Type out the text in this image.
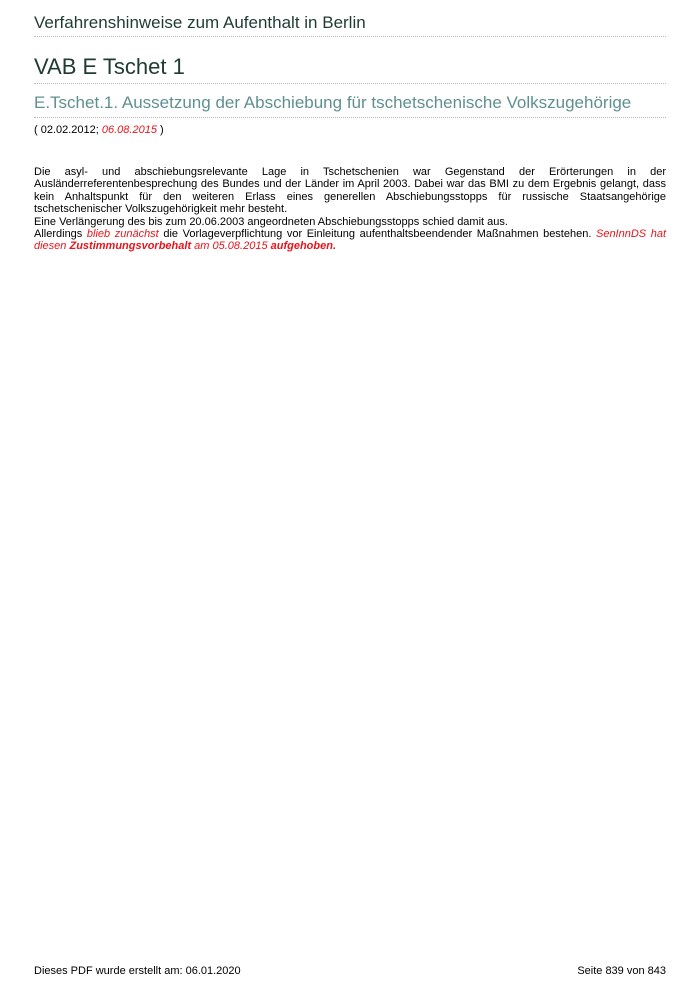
Verfahrenshinweise zum Aufenthalt in Berlin
VAB E Tschet 1
E.Tschet.1. Aussetzung der Abschiebung für tschetschenische Volkszugehörige
( 02.02.2012; 06.08.2015 )

Die asyl- und abschiebungsrelevante Lage in Tschetschenien war Gegenstand der Erörterungen in der Ausländerreferentenbesprechung des Bundes und der Länder im April 2003. Dabei war das BMI zu dem Ergebnis gelangt, dass kein Anhaltspunkt für den weiteren Erlass eines generellen Abschiebungsstopps für russische Staatsangehörige tschetschenischer Volkszugehörigkeit mehr besteht.

Eine Verlängerung des bis zum 20.06.2003 angeordneten Abschiebungsstopps schied damit aus.

Allerdings blieb zunächst die Vorlageverpflichtung vor Einleitung aufenthaltsbeendender Maßnahmen bestehen. SenInnDS hat diesen Zustimmungsvorbehalt am 05.08.2015 aufgehoben.

Dieses PDF wurde erstellt am: 06.01.2020	Seite 839 von 843
